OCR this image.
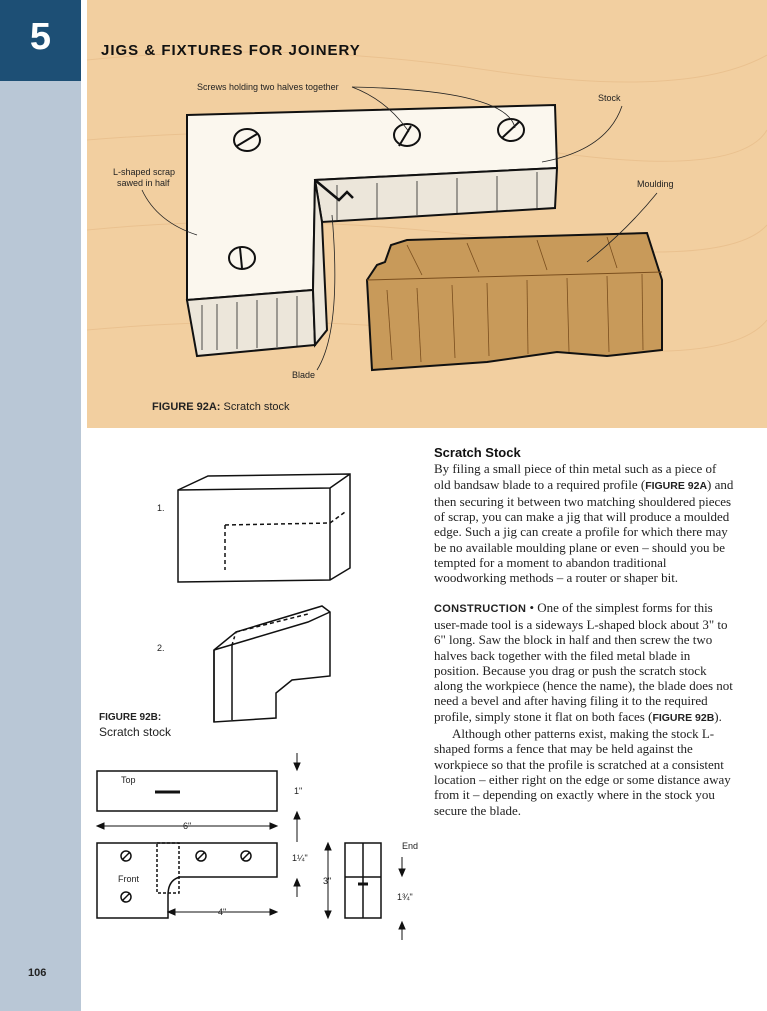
5
106
JIGS & FIXTURES FOR JOINERY
Screws holding two halves together
Stock
L-shaped scrap
sawed in half	Moulding
Blade
FIGURE 92A: Scratch stock
1.
2.
Top
Front
End
6"
4"
1"
1¼"
3"
1¾"
FIGURE 92B:
Scratch stock
Scratch Stock

By filing a small piece of thin metal such as a piece of old bandsaw blade to a required profile (FIGURE 92A) and then securing it between two matching shouldered pieces of scrap, you can make a jig that will produce a moulded edge. Such a jig can create a profile for which there may be no available moulding plane or even – should you be tempted for a moment to abandon traditional woodworking methods – a router or shaper bit.

CONSTRUCTION • One of the simplest forms for this user-made tool is a sideways L-shaped block about 3" to 6" long. Saw the block in half and then screw the two halves back together with the filed metal blade in position. Because you drag or push the scratch stock along the workpiece (hence the name), the blade does not need a bevel and after having filing it to the required profile, simply stone it flat on both faces (FIGURE 92B).

Although other patterns exist, making the stock L-shaped forms a fence that may be held against the workpiece so that the profile is scratched at a consistent location – either right on the edge or some distance away from it – depending on exactly where in the stock you secure the blade.
